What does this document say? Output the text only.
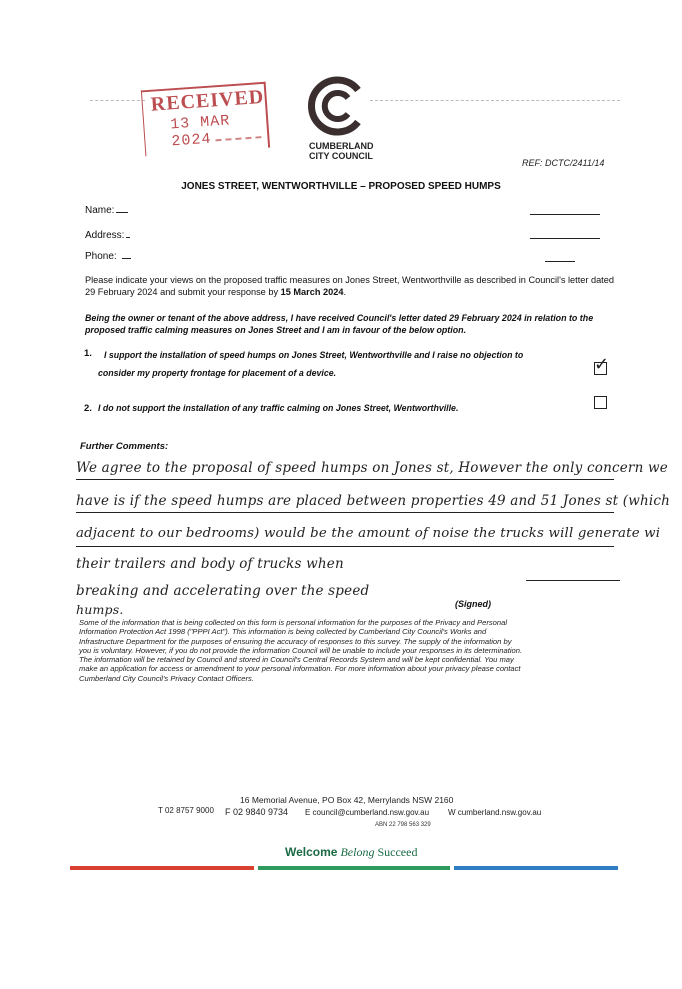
RECEIVED
13 MAR 2024	CUMBERLAND
CITY COUNCIL
REF: DCTC/2411/14
JONES STREET, WENTWORTHVILLE – PROPOSED SPEED HUMPS
Name:
Address:
Phone:
Please indicate your views on the proposed traffic measures on Jones Street, Wentworthville as described in Council's letter dated 29 February 2024 and submit your response by 15 March 2024.
Being the owner or tenant of the above address, I have received Council's letter dated 29 February 2024 in relation to the proposed traffic calming measures on Jones Street and I am in favour of the below option.
1. I support the installation of speed humps on Jones Street, Wentworthville and I raise no objection to
consider my property frontage for placement of a device.	✓
2. I do not support the installation of any traffic calming on Jones Street, Wentworthville.
Further Comments:
We agree to the proposal of speed humps on Jones st, However the only concern we
have is if the speed humps are placed between properties 49 and 51 Jones st (which
adjacent to our bedrooms) would be the amount of noise the trucks will generate wi
their trailers and body of trucks when
breaking and accelerating over the speed
humps.	(Signed)
Some of the information that is being collected on this form is personal information for the purposes of the Privacy and Personal
Information Protection Act 1998 ("PPPI Act"). This information is being collected by Cumberland City Council's Works and
Infrastructure Department for the purposes of ensuring the accuracy of responses to this survey. The supply of the information by
you is voluntary. However, if you do not provide the information Council will be unable to include your responses in its determination.
The information will be retained by Council and stored in Council's Central Records System and will be kept confidential. You may
make an application for access or amendment to your personal information. For more information about your privacy please contact
Cumberland City Council's Privacy Contact Officers.
16 Memorial Avenue, PO Box 42, Merrylands NSW 2160
T 02 8757 9000 F 02 9840 9734 E council@cumberland.nsw.gov.au W cumberland.nsw.gov.au
ABN 22 798 563 329
Welcome Belong Succeed
